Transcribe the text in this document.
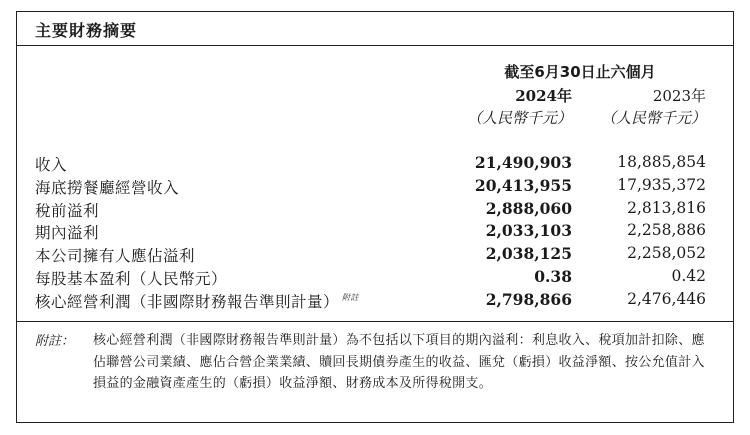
主要財務摘要
截至6月30日止六個月
2024年	2023年
（人民幣千元） （人民幣千元）
收入	21,490,903	18,885,854
海底撈餐廳經營收入	20,413,955	17,935,372
稅前溢利	2,888,060	2,813,816
期內溢利	2,033,103	2,258,886
本公司擁有人應佔溢利	2,038,125	2,258,052
每股基本盈利（人民幣元）	0.38	0.42
核心經營利潤（非國際財務報告準則計量） $^{附註}$	2,798,866	2,476,446
附註： 核心經營利潤（非國際財務報告準則計量）為不包括以下項目的期內溢利：利息收入、稅項加計扣除、應佔聯營公司業績、應佔合營企業業績、贖回長期債券產生的收益、匯兌（虧損）收益淨額、按公允值計入損益的金融資產產生的（虧損）收益淨額、財務成本及所得稅開支。
